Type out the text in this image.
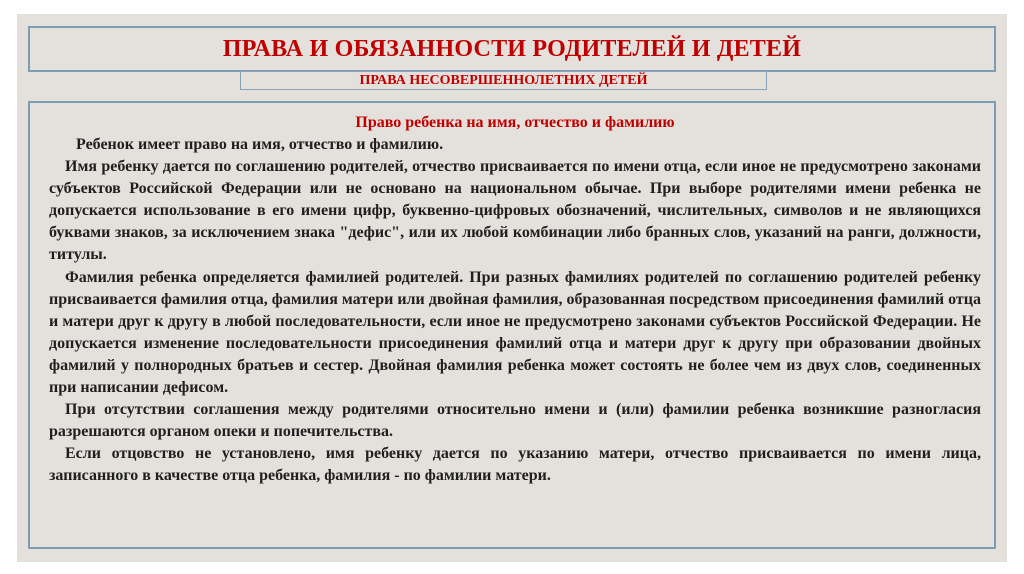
ПРАВА И ОБЯЗАННОСТИ РОДИТЕЛЕЙ И ДЕТЕЙ
ПРАВА НЕСОВЕРШЕННОЛЕТНИХ ДЕТЕЙ

Право ребенка на имя, отчество и фамилию

Ребенок имеет право на имя, отчество и фамилию.

Имя ребенку дается по соглашению родителей, отчество присваивается по имени отца, если иное не предусмотрено законами субъектов Российской Федерации или не основано на национальном обычае. При выборе родителями имени ребенка не допускается использование в его имени цифр, буквенно-цифровых обозначений, числительных, символов и не являющихся буквами знаков, за исключением знака "дефис", или их любой комбинации либо бранных слов, указаний на ранги, должности, титулы.

Фамилия ребенка определяется фамилией родителей. При разных фамилиях родителей по соглашению родителей ребенку присваивается фамилия отца, фамилия матери или двойная фамилия, образованная посредством присоединения фамилий отца и матери друг к другу в любой последовательности, если иное не предусмотрено законами субъектов Российской Федерации. Не допускается изменение последовательности присоединения фамилий отца и матери друг к другу при образовании двойных фамилий у полнородных братьев и сестер. Двойная фамилия ребенка может состоять не более чем из двух слов, соединенных при написании дефисом.

При отсутствии соглашения между родителями относительно имени и (или) фамилии ребенка возникшие разногласия разрешаются органом опеки и попечительства.

Если отцовство не установлено, имя ребенку дается по указанию матери, отчество присваивается по имени лица, записанного в качестве отца ребенка, фамилия - по фамилии матери.
